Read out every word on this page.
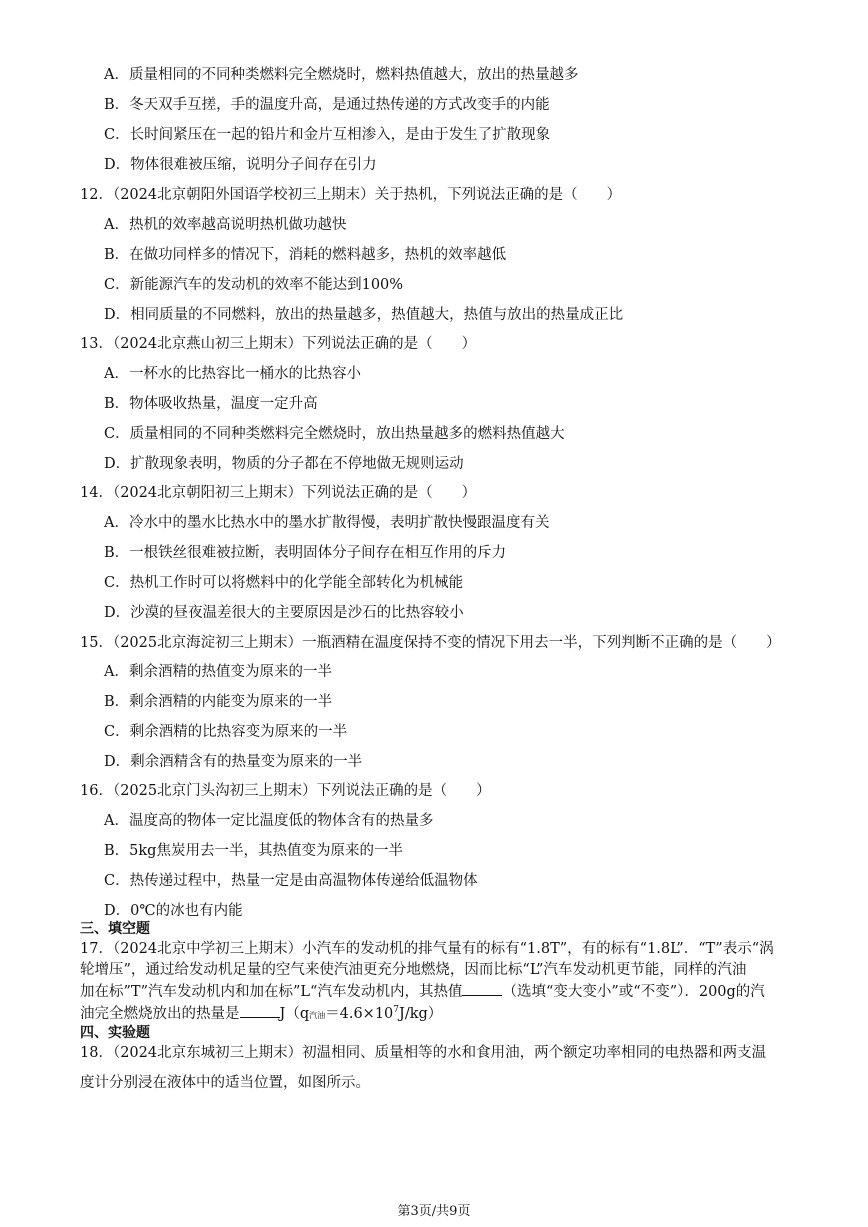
A．质量相同的不同种类燃料完全燃烧时，燃料热值越大，放出的热量越多
B．冬天双手互搓，手的温度升高，是通过热传递的方式改变手的内能
C．长时间紧压在一起的铅片和金片互相渗入，是由于发生了扩散现象
D．物体很难被压缩，说明分子间存在引力
12．（2024北京朝阳外国语学校初三上期末）关于热机，下列说法正确的是（　　）
A．热机的效率越高说明热机做功越快
B．在做功同样多的情况下，消耗的燃料越多，热机的效率越低
C．新能源汽车的发动机的效率不能达到100%
D．相同质量的不同燃料，放出的热量越多，热值越大，热值与放出的热量成正比
13．（2024北京燕山初三上期末）下列说法正确的是（　　）
A．一杯水的比热容比一桶水的比热容小
B．物体吸收热量，温度一定升高
C．质量相同的不同种类燃料完全燃烧时，放出热量越多的燃料热值越大
D．扩散现象表明，物质的分子都在不停地做无规则运动
14．（2024北京朝阳初三上期末）下列说法正确的是（　　）
A．冷水中的墨水比热水中的墨水扩散得慢，表明扩散快慢跟温度有关
B．一根铁丝很难被拉断，表明固体分子间存在相互作用的斥力
C．热机工作时可以将燃料中的化学能全部转化为机械能
D．沙漠的昼夜温差很大的主要原因是沙石的比热容较小
15．（2025北京海淀初三上期末）一瓶酒精在温度保持不变的情况下用去一半，下列判断不正确的是（　　）
A．剩余酒精的热值变为原来的一半
B．剩余酒精的内能变为原来的一半
C．剩余酒精的比热容变为原来的一半
D．剩余酒精含有的热量变为原来的一半
16．（2025北京门头沟初三上期末）下列说法正确的是（　　）
A．温度高的物体一定比温度低的物体含有的热量多
B．5kg焦炭用去一半，其热值变为原来的一半
C．热传递过程中，热量一定是由高温物体传递给低温物体
D．0℃的冰也有内能
三、填空题

17．（2024北京中学初三上期末）小汽车的发动机的排气量有的标有“1.8T”，有的标有“1.8L”．“T”表示“涡

轮增压”，通过给发动机足量的空气来使汽油更充分地燃烧，因而比标“L”汽车发动机更节能，同样的汽油

加在标”T”汽车发动机内和加在标”L“汽车发动机内，其热值	（选填“变大变小”或“不变”）．200g的汽

油完全燃烧放出的热量是	J（q汽油$=4.6\times 10^7J/kg$）

四、实验题
18．（2024北京东城初三上期末）初温相同、质量相等的水和食用油，两个额定功率相同的电热器和两支温
度计分别浸在液体中的适当位置，如图所示。
第3页/共9页
